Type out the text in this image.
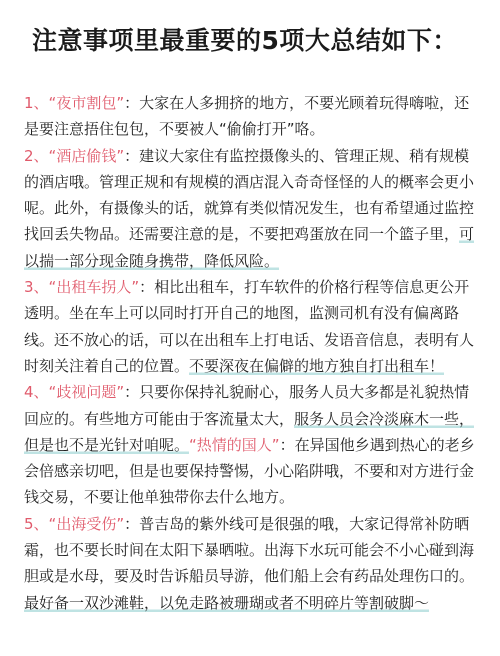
注意事项里最重要的5项大总结如下：

1、“夜市割包”：大家在人多拥挤的地方，不要光顾着玩得嗨啦，还是要注意捂住包包，不要被人“偷偷打开”咯。

2、“酒店偷钱”：建议大家住有监控摄像头的、管理正规、稍有规模的酒店哦。管理正规和有规模的酒店混入奇奇怪怪的人的概率会更小呢。此外，有摄像头的话，就算有类似情况发生，也有希望通过监控找回丢失物品。还需要注意的是，不要把鸡蛋放在同一个篮子里，可以揣一部分现金随身携带，降低风险。

3、“出租车拐人”：相比出租车，打车软件的价格行程等信息更公开透明。坐在车上可以同时打开自己的地图，监测司机有没有偏离路线。还不放心的话，可以在出租车上打电话、发语音信息，表明有人时刻关注着自己的位置。不要深夜在偏僻的地方独自打出租车！

4、“歧视问题”：只要你保持礼貌耐心，服务人员大多都是礼貌热情回应的。有些地方可能由于客流量太大，服务人员会冷淡麻木一些，但是也不是光针对咱呢。“热情的国人”：在异国他乡遇到热心的老乡会倍感亲切吧，但是也要保持警惕，小心陷阱哦，不要和对方进行金钱交易，不要让他单独带你去什么地方。

5、“出海受伤”：普吉岛的紫外线可是很强的哦，大家记得常补防晒霜，也不要长时间在太阳下暴晒啦。出海下水玩可能会不小心碰到海胆或是水母，要及时告诉船员导游，他们船上会有药品处理伤口的。最好备一双沙滩鞋，以免走路被珊瑚或者不明碎片等割破脚～
